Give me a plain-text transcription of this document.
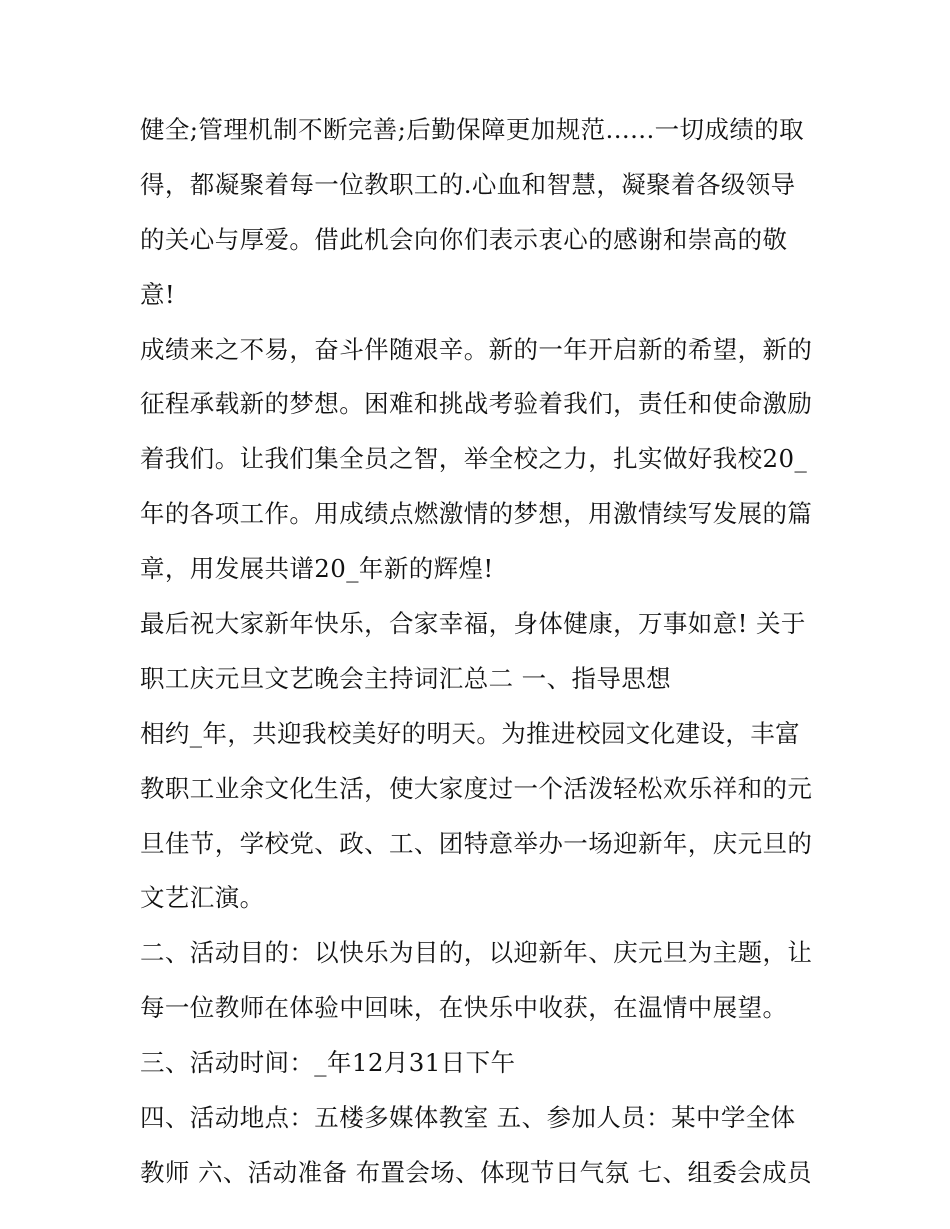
健全;管理机制不断完善;后勤保障更加规范......一切成绩的取
得，都凝聚着每一位教职工的.心血和智慧，凝聚着各级领导
的关心与厚爱。借此机会向你们表示衷心的感谢和崇高的敬
意!
成绩来之不易，奋斗伴随艰辛。新的一年开启新的希望，新的
征程承载新的梦想。困难和挑战考验着我们，责任和使命激励
着我们。让我们集全员之智，举全校之力，扎实做好我校20_
年的各项工作。用成绩点燃激情的梦想，用激情续写发展的篇
章，用发展共谱20_年新的辉煌!
最后祝大家新年快乐，合家幸福，身体健康，万事如意! 关于
职工庆元旦文艺晚会主持词汇总二 一、指导思想
相约_年，共迎我校美好的明天。为推进校园文化建设，丰富
教职工业余文化生活，使大家度过一个活泼轻松欢乐祥和的元
旦佳节，学校党、政、工、团特意举办一场迎新年，庆元旦的
文艺汇演。
二、活动目的：以快乐为目的，以迎新年、庆元旦为主题，让
每一位教师在体验中回味，在快乐中收获，在温情中展望。
三、活动时间：_年12月31日下午
四、活动地点：五楼多媒体教室 五、参加人员：某中学全体
教师 六、活动准备 布置会场、体现节日气氛 七、组委会成员
